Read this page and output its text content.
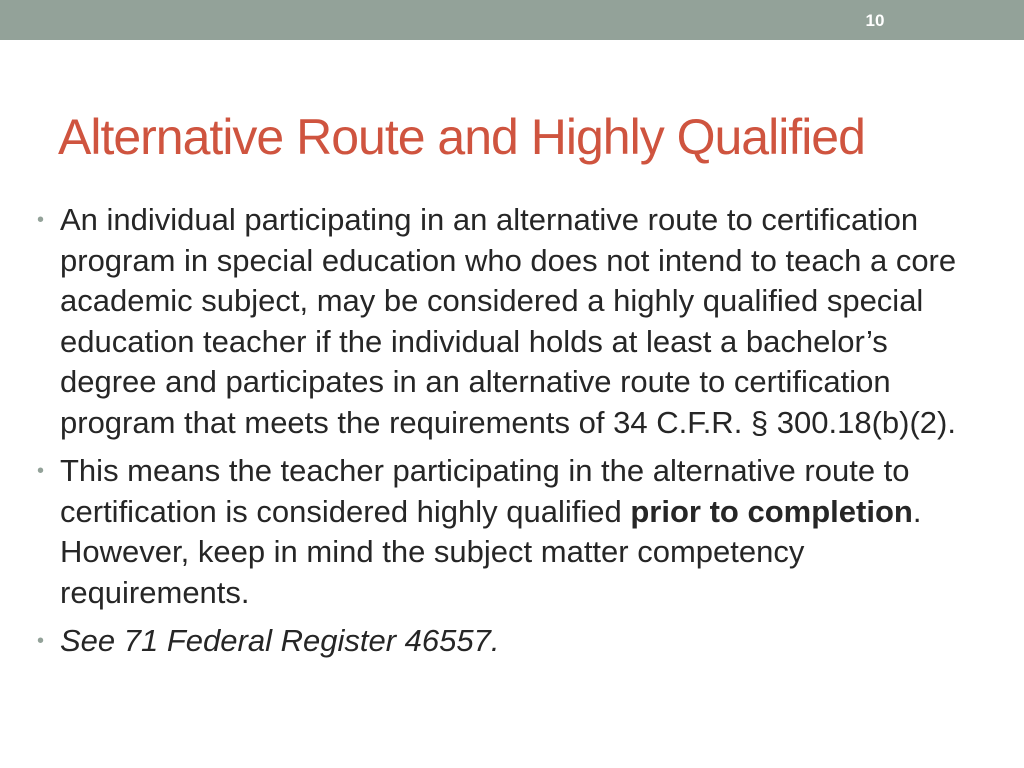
10
Alternative Route and Highly Qualified
• An individual participating in an alternative route to certification program in special education who does not intend to teach a core academic subject, may be considered a highly qualified special education teacher if the individual holds at least a bachelor’s degree and participates in an alternative route to certification program that meets the requirements of 34 C.F.R. § 300.18(b)(2).
• This means the teacher participating in the alternative route to certification is considered highly qualified prior to completion. However, keep in mind the subject matter competency requirements.
• See 71 Federal Register 46557.
